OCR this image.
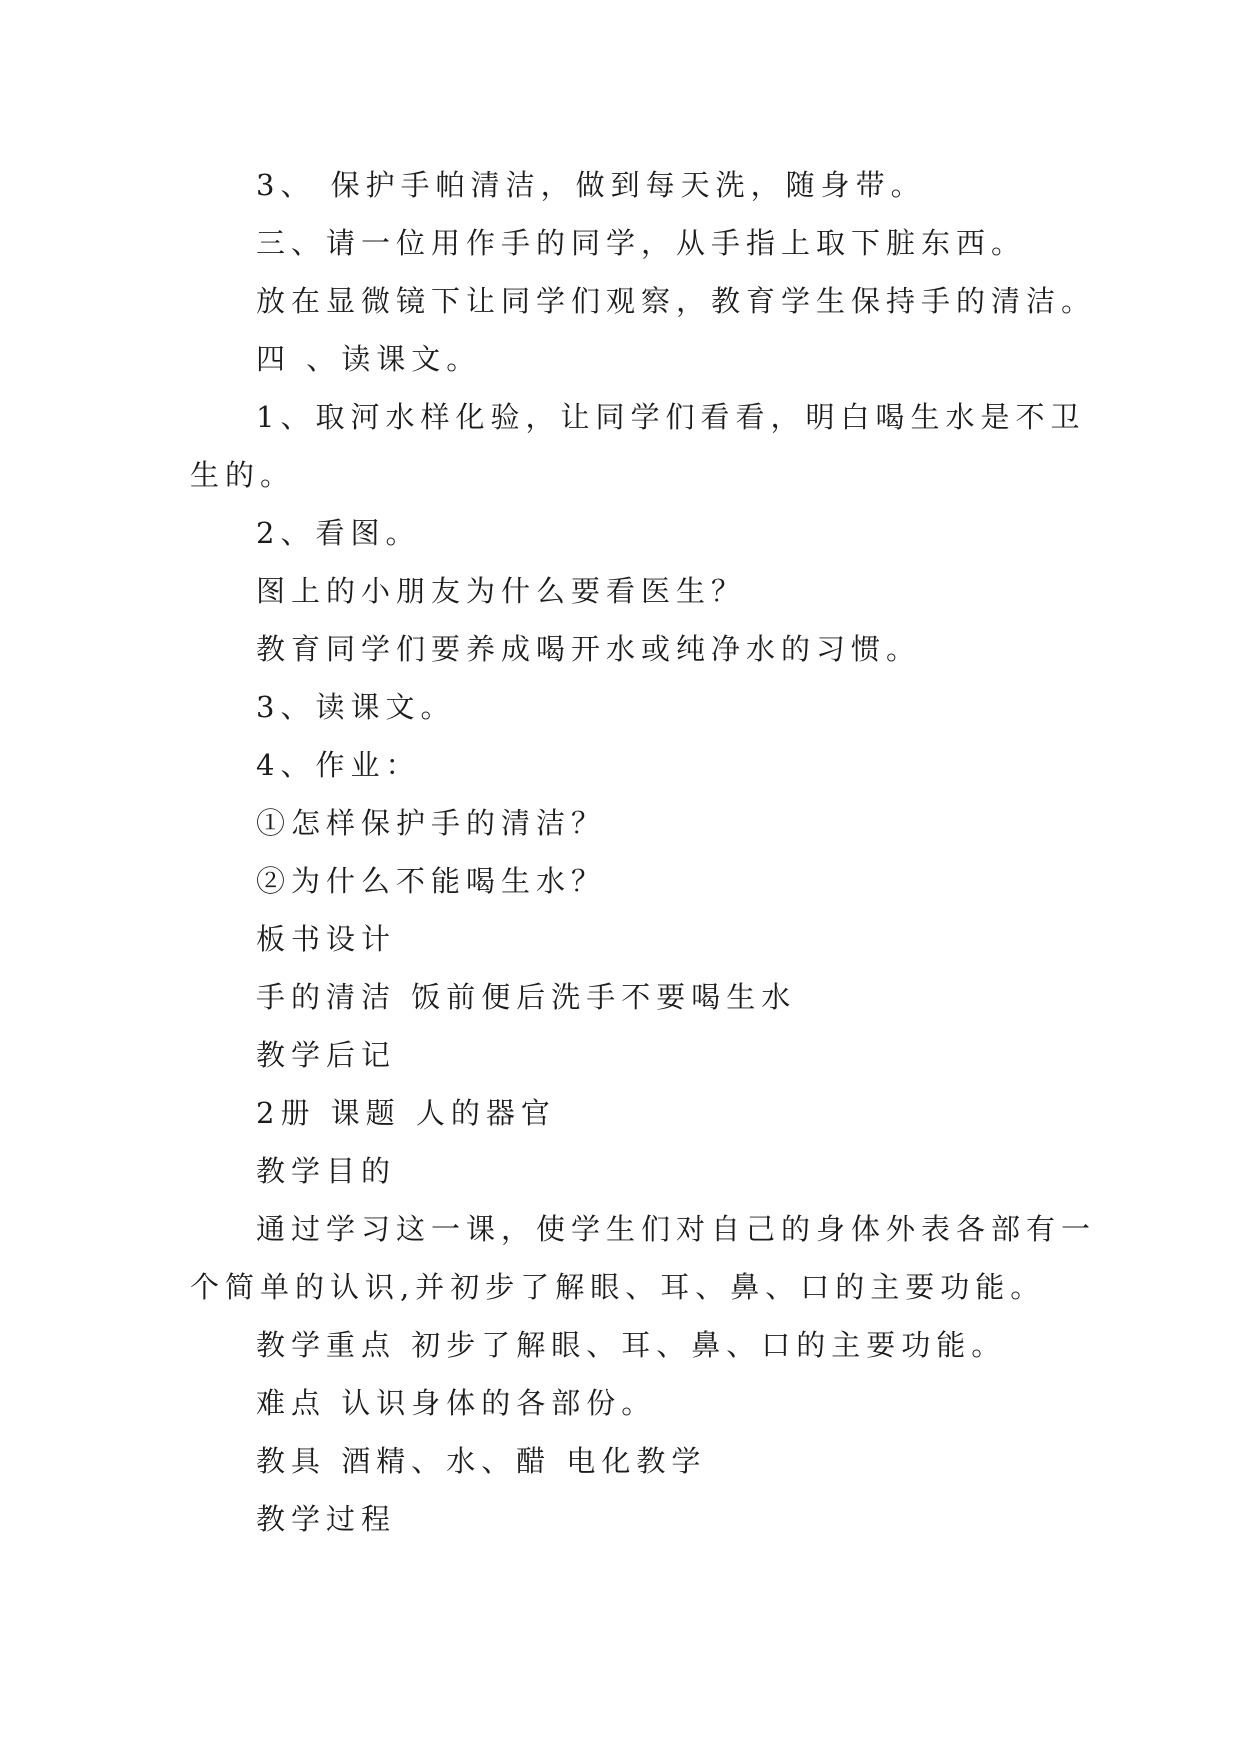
3、 保护手帕清洁，做到每天洗，随身带。

三、请一位用作手的同学，从手指上取下脏东西。

放在显微镜下让同学们观察，教育学生保持手的清洁。

四 、读课文。

1、取河水样化验，让同学们看看，明白喝生水是不卫

生的。

2、看图。

图上的小朋友为什么要看医生？

教育同学们要养成喝开水或纯净水的习惯。

3、读课文。

4、作业：

①怎样保护手的清洁？

②为什么不能喝生水？

板书设计

手的清洁 饭前便后洗手不要喝生水

教学后记

2册 课题 人的器官

教学目的

通过学习这一课，使学生们对自己的身体外表各部有一

个简单的认识,并初步了解眼、耳、鼻、口的主要功能。

教学重点 初步了解眼、耳、鼻、口的主要功能。

难点 认识身体的各部份。

教具 酒精、水、醋 电化教学

教学过程
